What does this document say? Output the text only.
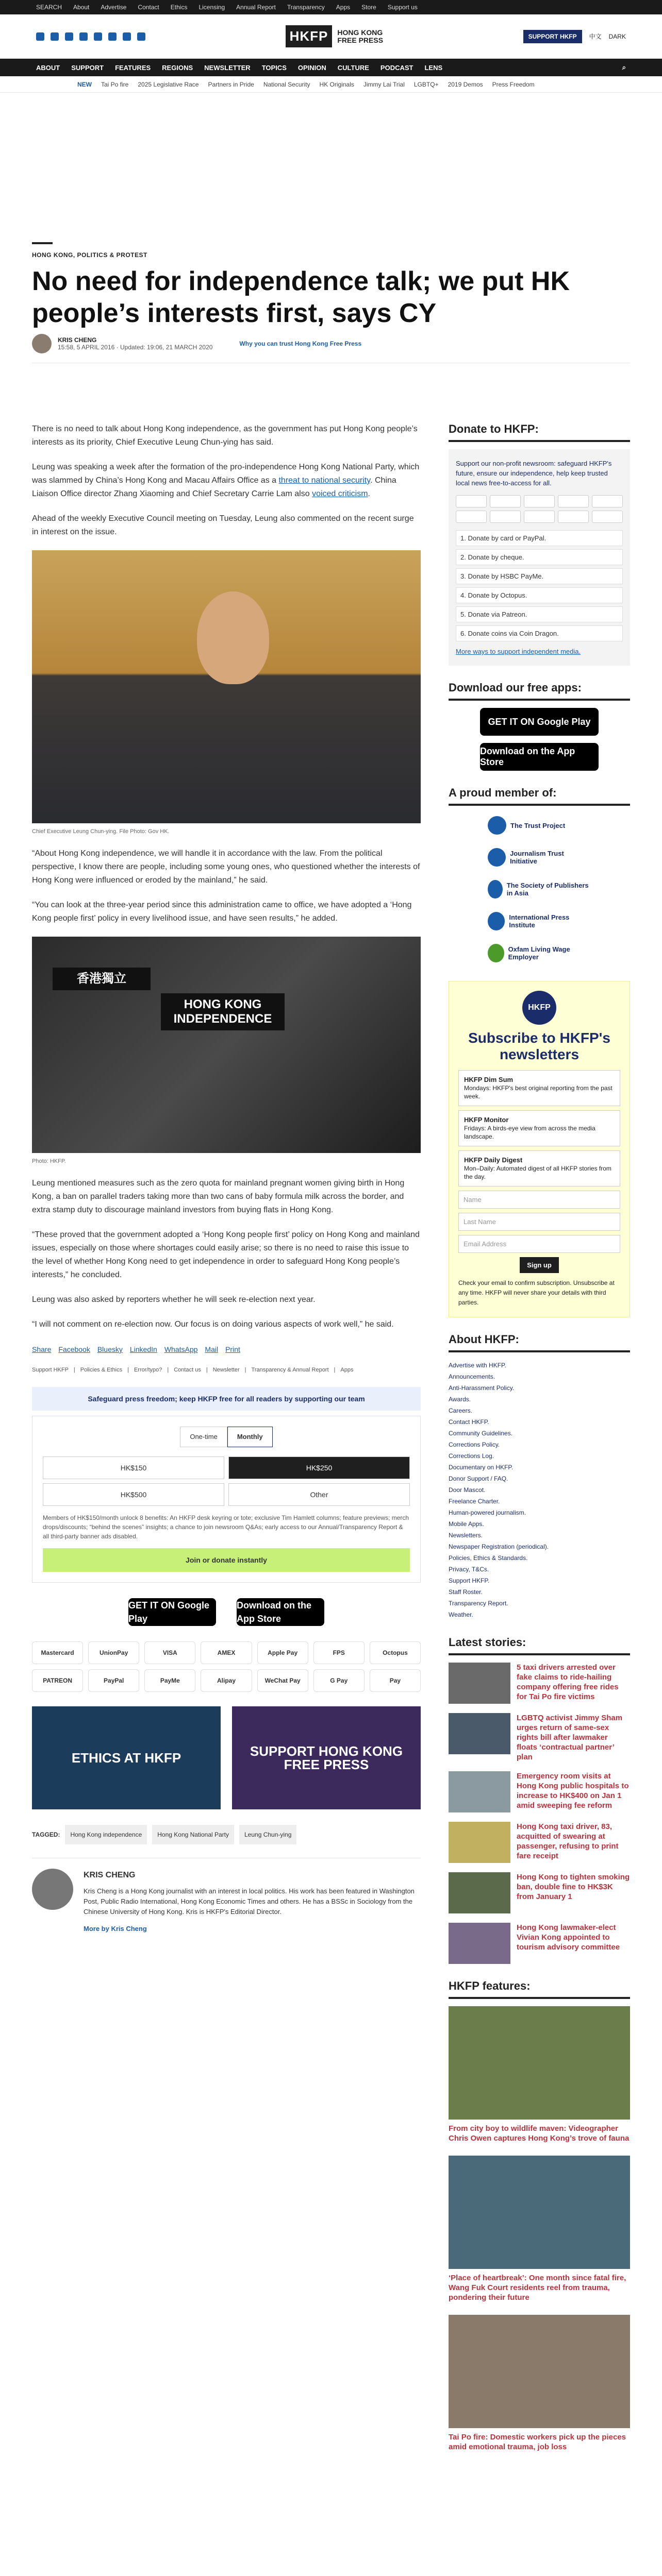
SEARCH About Advertise Contact Ethics Licensing Annual Report Transparency Apps Store Support us
HKFP	HONG KONG
FREE PRESS	SUPPORT HKFP	中文 DARK
ABOUT SUPPORT FEATURES REGIONS NEWSLETTER TOPICS OPINION CULTURE PODCAST LENS	⌕
NEW Tai Po fire 2025 Legislative Race Partners in Pride National Security HK Originals Jimmy Lai Trial LGBTQ+ 2019 Demos Press Freedom
HONG KONG, POLITICS & PROTEST
No need for independence talk; we put HK people’s interests first, says CY
KRIS CHENG
15:58, 5 APRIL 2016 · Updated: 19:06, 21 MARCH 2020	Why you can trust Hong Kong Free Press

There is no need to talk about Hong Kong independence, as the government has put Hong Kong people’s interests as its priority, Chief Executive Leung Chun-ying has said.

Leung was speaking a week after the formation of the pro-independence Hong Kong National Party, which was slammed by China’s Hong Kong and Macau Affairs Office as a threat to national security. China Liaison Office director Zhang Xiaoming and Chief Secretary Carrie Lam also voiced criticism.

Ahead of the weekly Executive Council meeting on Tuesday, Leung also commented on the recent surge in interest on the issue.

Chief Executive Leung Chun-ying. File Photo: Gov HK.

“About Hong Kong independence, we will handle it in accordance with the law. From the political perspective, I know there are people, including some young ones, who questioned whether the interests of Hong Kong were influenced or eroded by the mainland,” he said.

“You can look at the three-year period since this administration came to office, we have adopted a ‘Hong Kong people first’ policy in every livelihood issue, and have seen results,” he added.

香港獨立
HONG KONG INDEPENDENCE
Photo: HKFP.

Leung mentioned measures such as the zero quota for mainland pregnant women giving birth in Hong Kong, a ban on parallel traders taking more than two cans of baby formula milk across the border, and extra stamp duty to discourage mainland investors from buying flats in Hong Kong.

“These proved that the government adopted a ‘Hong Kong people first’ policy on Hong Kong and mainland issues, especially on those where shortages could easily arise; so there is no need to raise this issue to the level of whether Hong Kong need to get independence in order to safeguard Hong Kong people’s interests,” he concluded.

Leung was also asked by reporters whether he will seek re-election next year.

“I will not comment on re-election now. Our focus is on doing various aspects of work well,” he said.

Share Facebook Bluesky LinkedIn WhatsApp Mail Print
Support HKFP | Policies & Ethics | Error/typo? | Contact us | Newsletter | Transparency & Annual Report | Apps
Safeguard press freedom; keep HKFP free for all readers by supporting our team
One-time	Monthly
HK$150	HK$250
HK$500	Other
Members of HK$150/month unlock 8 benefits: An HKFP desk keyring or tote; exclusive Tim Hamlett columns; feature previews; merch drops/discounts; “behind the scenes” insights; a chance to join newsroom Q&As; early access to our Annual/Transparency Report & all third-party banner ads disabled.
Join or donate instantly
GET IT ON Google Play
Download on the App Store
Mastercard	UnionPay	VISA	AMEX	Apple Pay	FPS	Octopus
PATREON	PayPal	PayMe	Alipay	WeChat Pay	G Pay	Pay
ETHICS AT HKFP	SUPPORT HONG KONG FREE PRESS
TAGGED:	Hong Kong independence	Hong Kong National Party	Leung Chun-ying
KRIS CHENG

Kris Cheng is a Hong Kong journalist with an interest in local politics. His work has been featured in Washington Post, Public Radio International, Hong Kong Economic Times and others. He has a BSSc in Sociology from the Chinese University of Hong Kong. Kris is HKFP's Editorial Director.

More by Kris Cheng
Donate to HKFP:

Support our non-profit newsroom: safeguard HKFP's future, ensure our independence, help keep trusted local news free-to-access for all.

1. Donate by card or PayPal.
2. Donate by cheque.
3. Donate by HSBC PayMe.
4. Donate by Octopus.
5. Donate via Patreon.
6. Donate coins via Coin Dragon.

More ways to support independent media.

Download our free apps:
GET IT ON Google Play
Download on the App Store
A proud member of:
The Trust Project
Journalism Trust Initiative
The Society of Publishers in Asia
International Press Institute
Oxfam Living Wage Employer
HKFP
Subscribe to HKFP's newsletters
HKFP Dim Sum
Mondays: HKFP's best original reporting from the past week.
HKFP Monitor
Fridays: A birds-eye view from across the media landscape.
HKFP Daily Digest
Mon–Daily: Automated digest of all HKFP stories from the day.
Name
Last Name
Email Address
Sign up

Check your email to confirm subscription. Unsubscribe at any time. HKFP will never share your details with third parties.

About HKFP:
Advertise with HKFP.
Announcements.
Anti-Harassment Policy.
Awards.
Careers.
Contact HKFP.
Community Guidelines.
Corrections Policy.
Corrections Log.
Documentary on HKFP.
Donor Support / FAQ.
Door Mascot.
Freelance Charter.
Human-powered journalism.
Mobile Apps.
Newsletters.
Newspaper Registration (periodical).
Policies, Ethics & Standards.
Privacy, T&Cs.
Support HKFP.
Staff Roster.
Transparency Report.
Weather.
Latest stories:

5 taxi drivers arrested over fake claims to ride-hailing company offering free rides for Tai Po fire victims

LGBTQ activist Jimmy Sham urges return of same-sex rights bill after lawmaker floats ‘contractual partner’ plan

Emergency room visits at Hong Kong public hospitals to increase to HK$400 on Jan 1 amid sweeping fee reform

Hong Kong taxi driver, 83, acquitted of swearing at passenger, refusing to print fare receipt

Hong Kong to tighten smoking ban, double fine to HK$3K from January 1

Hong Kong lawmaker-elect Vivian Kong appointed to tourism advisory committee

HKFP features:

From city boy to wildlife maven: Videographer Chris Owen captures Hong Kong’s trove of fauna

‘Place of heartbreak’: One month since fatal fire, Wang Fuk Court residents reel from trauma, pondering their future

Tai Po fire: Domestic workers pick up the pieces amid emotional trauma, job loss
